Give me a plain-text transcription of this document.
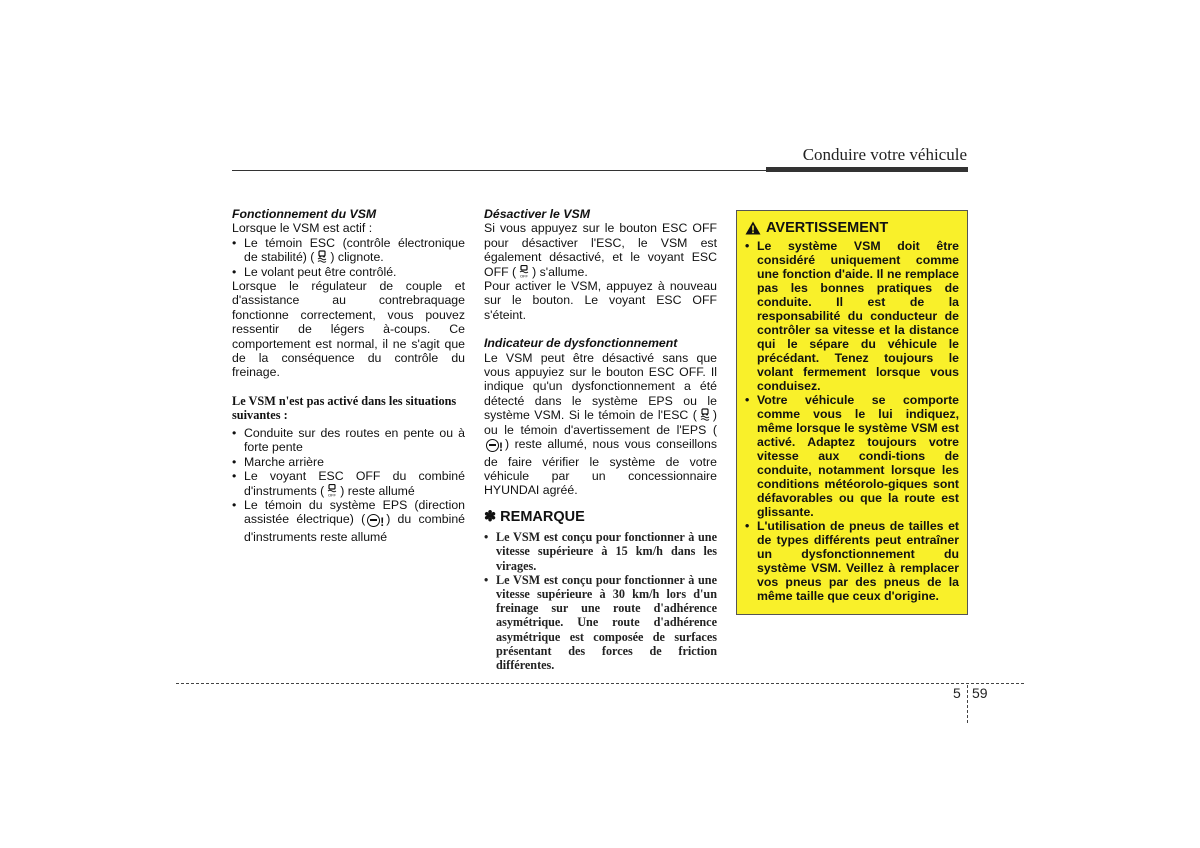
Conduire votre véhicule

Fonctionnement du VSM

Lorsque le VSM est actif :

• Le témoin ESC (contrôle électronique de stabilité) ( ) clignote.
• Le volant peut être contrôlé.

Lorsque le régulateur de couple et d'assistance au contrebraquage fonctionne correctement, vous pouvez ressentir de légers à-coups. Ce comportement est normal, il ne s'agit que de la conséquence du contrôle du freinage.

Le VSM n'est pas activé dans les situations suivantes :

• Conduite sur des routes en pente ou à forte pente
• Marche arrière
• Le voyant ESC OFF du combiné d'instruments ( OFF ) reste allumé
• Le témoin du système EPS (direction assistée électrique) ( ! ) du combiné d'instruments reste allumé

Désactiver le VSM

Si vous appuyez sur le bouton ESC OFF pour désactiver l'ESC, le VSM est également désactivé, et le voyant ESC OFF ( OFF ) s'allume.

Pour activer le VSM, appuyez à nouveau sur le bouton. Le voyant ESC OFF s'éteint.

Indicateur de dysfonctionnement

Le VSM peut être désactivé sans que vous appuyiez sur le bouton ESC OFF. Il indique qu'un dysfonctionnement a été détecté dans le système EPS ou le système VSM. Si le témoin de l'ESC ( ) ou le témoin d'avertissement de l'EPS (! ) reste allumé, nous vous conseillons de faire vérifier le système de votre véhicule par un concessionnaire HYUNDAI agréé.

✽ REMARQUE
• Le VSM est conçu pour fonctionner à une vitesse supérieure à 15 km/h dans les virages.
• Le VSM est conçu pour fonctionner à une vitesse supérieure à 30 km/h lors d'un freinage sur une route d'adhérence asymétrique. Une route d'adhérence asymétrique est composée de surfaces présentant des forces de friction différentes.
AVERTISSEMENT
• Le système VSM doit être considéré uniquement comme une fonction d'aide. Il ne remplace pas les bonnes pratiques de conduite. Il est de la responsabilité du conducteur de contrôler sa vitesse et la distance qui le sépare du véhicule le précédant. Tenez toujours le volant fermement lorsque vous conduisez.
• Votre véhicule se comporte comme vous le lui indiquez, même lorsque le système VSM est activé. Adaptez toujours votre vitesse aux condi-tions de conduite, notamment lorsque les conditions météorolo-giques sont défavorables ou que la route est glissante.
• L'utilisation de pneus de tailles et de types différents peut entraîner un dysfonctionnement du système VSM. Veillez à remplacer vos pneus par des pneus de la même taille que ceux d'origine.
5 59
